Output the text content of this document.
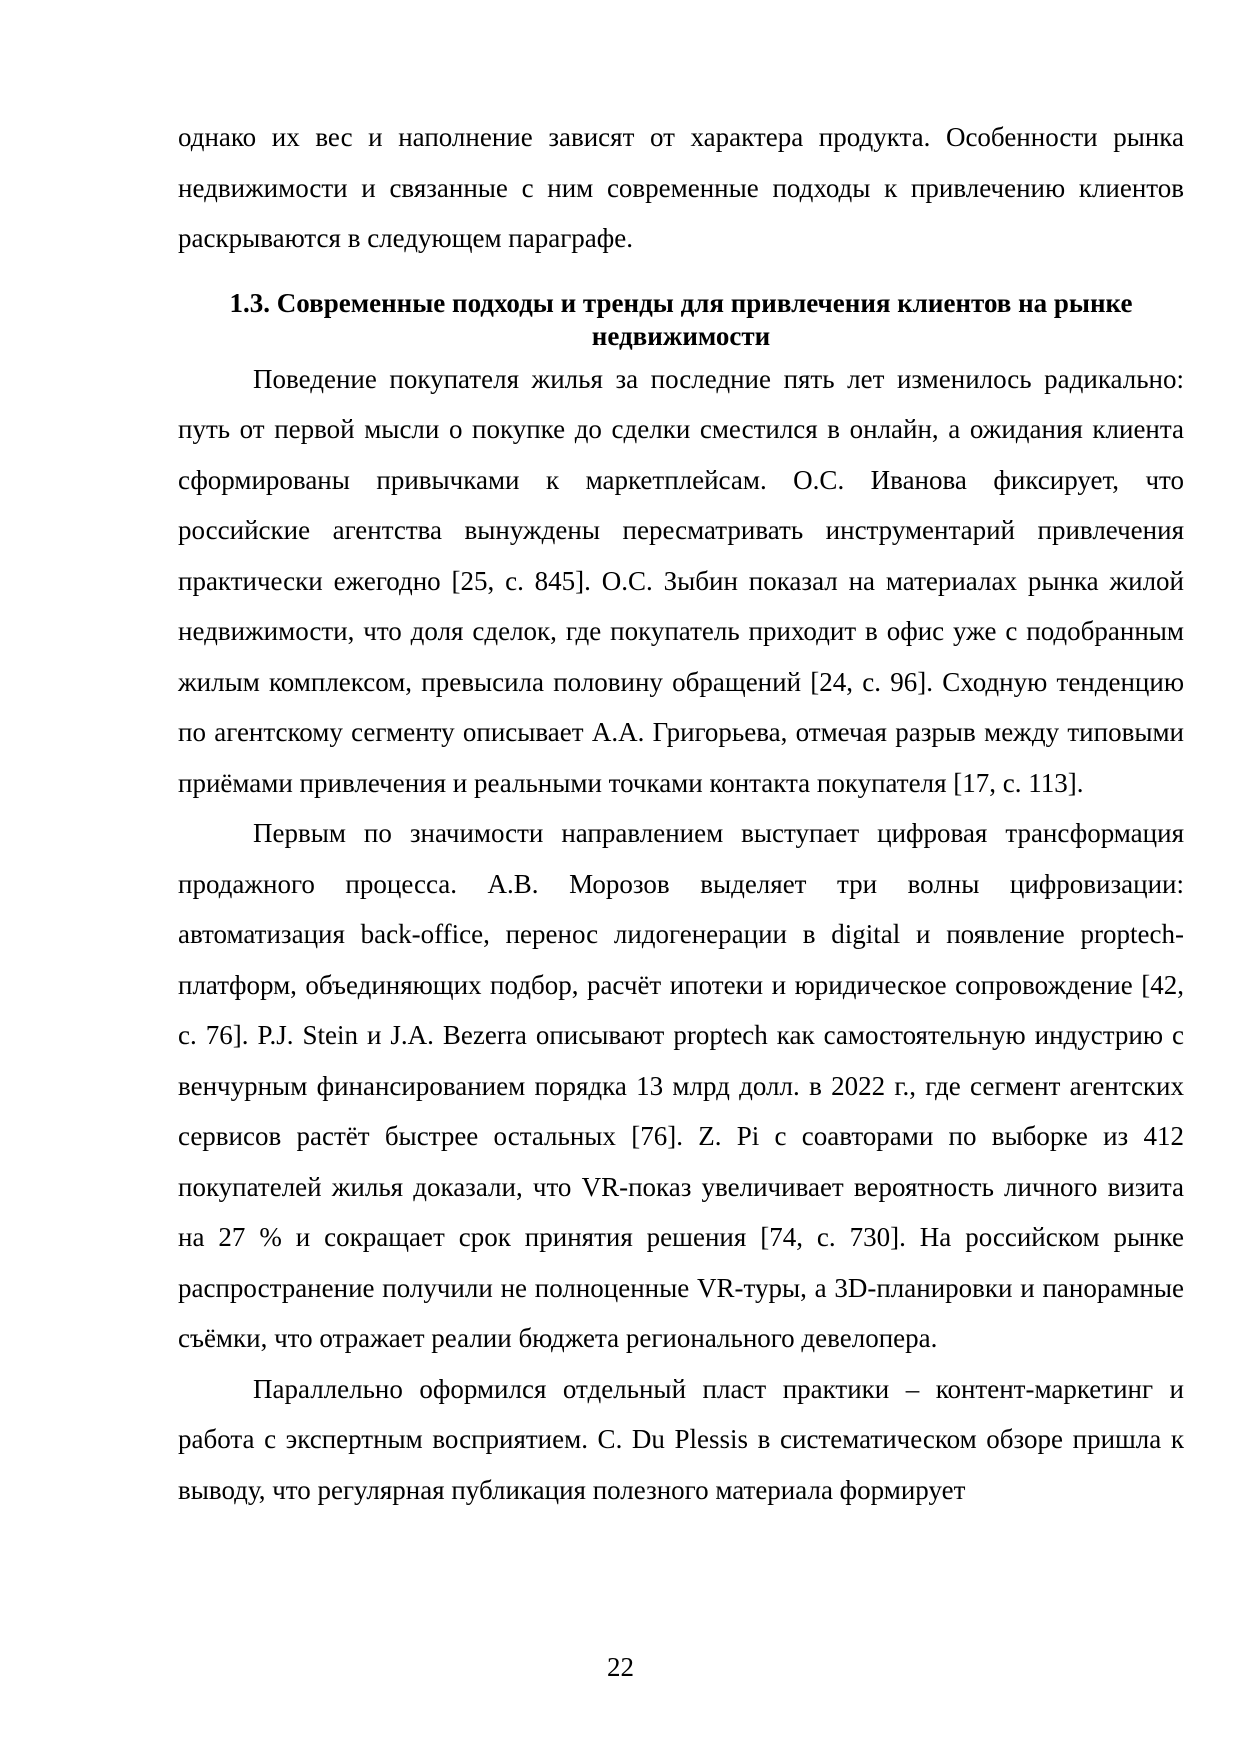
однако их вес и наполнение зависят от характера продукта. Особенности рынка недвижимости и связанные с ним современные подходы к привлечению клиентов раскрываются в следующем параграфе.

1.3. Современные подходы и тренды для привлечения клиентов на рынке недвижимости

Поведение покупателя жилья за последние пять лет изменилось радикально: путь от первой мысли о покупке до сделки сместился в онлайн, а ожидания клиента сформированы привычками к маркетплейсам. О.С. Иванова фиксирует, что российские агентства вынуждены пересматривать инструментарий привлечения практически ежегодно [25, с. 845]. О.С. Зыбин показал на материалах рынка жилой недвижимости, что доля сделок, где покупатель приходит в офис уже с подобранным жилым комплексом, превысила половину обращений [24, с. 96]. Сходную тенденцию по агентскому сегменту описывает А.А. Григорьева, отмечая разрыв между типовыми приёмами привлечения и реальными точками контакта покупателя [17, с. 113].

Первым по значимости направлением выступает цифровая трансформация продажного процесса. А.В. Морозов выделяет три волны цифровизации: автоматизация back-office, перенос лидогенерации в digital и появление proptech-платформ, объединяющих подбор, расчёт ипотеки и юридическое сопровождение [42, с. 76]. P.J. Stein и J.A. Bezerra описывают proptech как самостоятельную индустрию с венчурным финансированием порядка 13 млрд долл. в 2022 г., где сегмент агентских сервисов растёт быстрее остальных [76]. Z. Pi с соавторами по выборке из 412 покупателей жилья доказали, что VR-показ увеличивает вероятность личного визита на 27 % и сокращает срок принятия решения [74, с. 730]. На российском рынке распространение получили не полноценные VR-туры, а 3D-планировки и панорамные съёмки, что отражает реалии бюджета регионального девелопера.

Параллельно оформился отдельный пласт практики – контент-маркетинг и работа с экспертным восприятием. C. Du Plessis в систематическом обзоре пришла к выводу, что регулярная публикация полезного материала формирует

22
